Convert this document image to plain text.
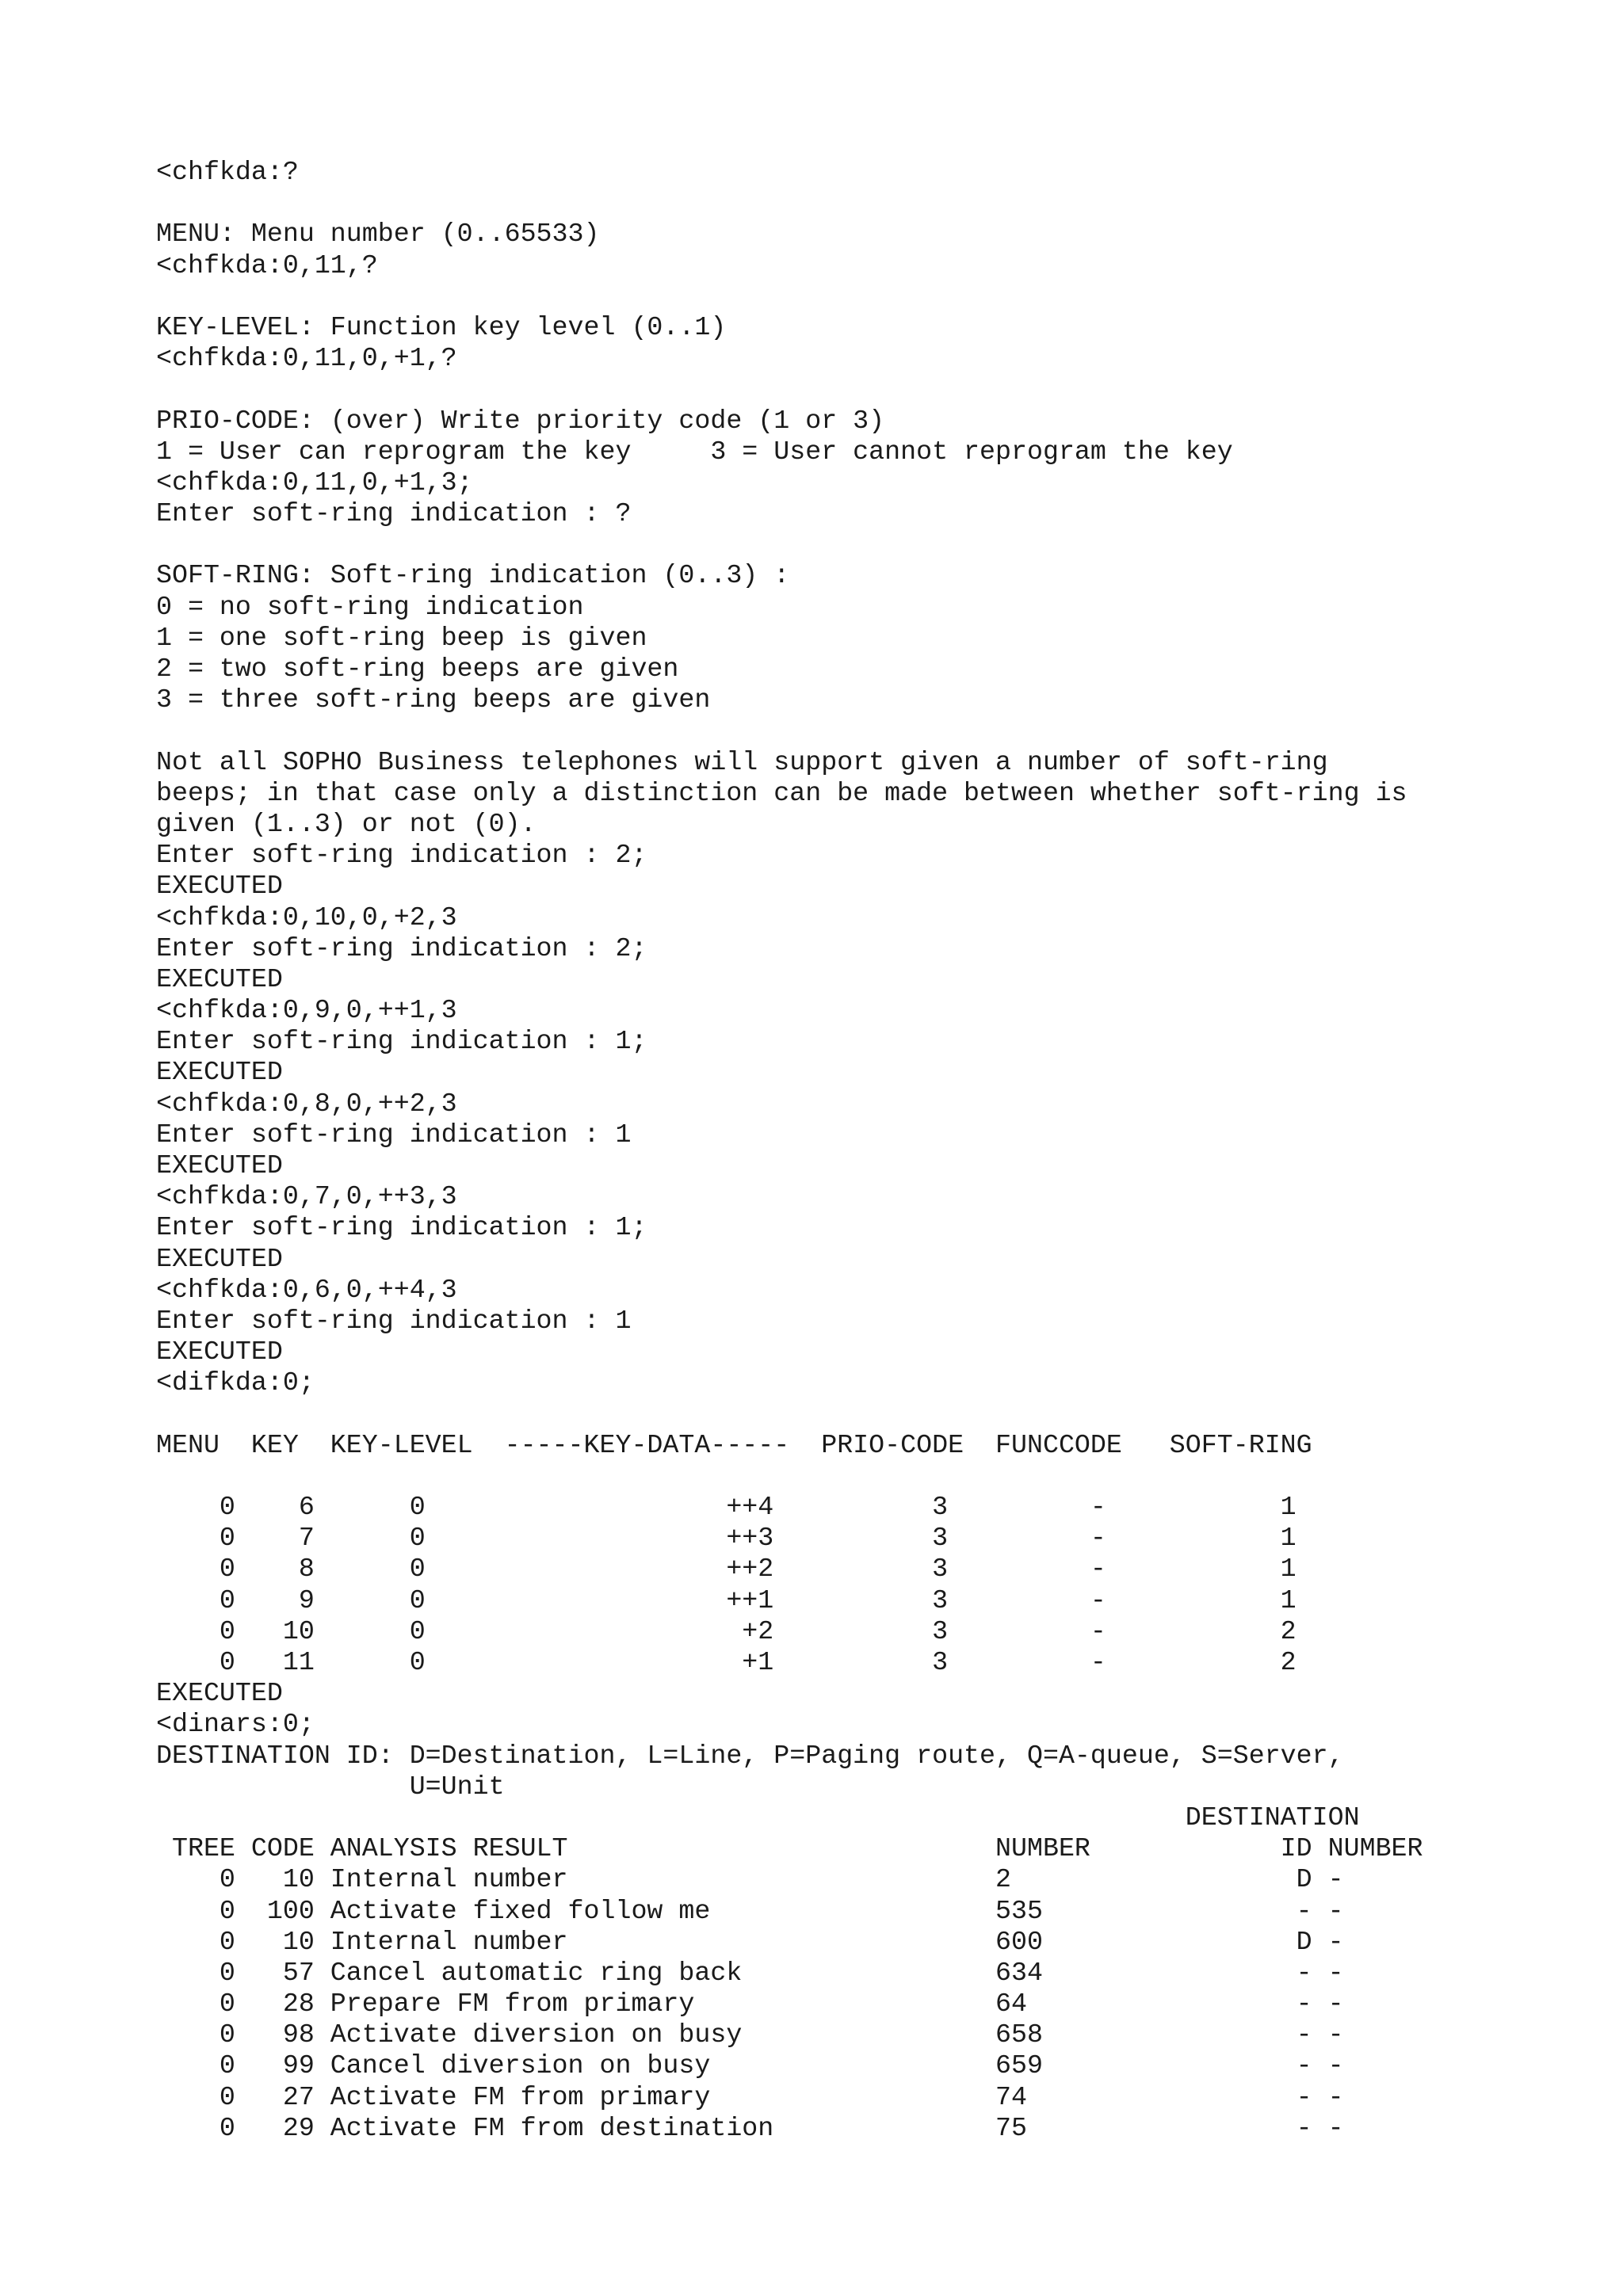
<chfkda:?
MENU: Menu number (0..65533)
<chfkda:0,11,?
KEY-LEVEL: Function key level (0..1)
<chfkda:0,11,0,+1,?
PRIO-CODE: (over) Write priority code (1 or 3)
1 = User can reprogram the key     3 = User cannot reprogram the key
<chfkda:0,11,0,+1,3;
Enter soft-ring indication : ?
SOFT-RING: Soft-ring indication (0..3) :
0 = no soft-ring indication
1 = one soft-ring beep is given
2 = two soft-ring beeps are given
3 = three soft-ring beeps are given
Not all SOPHO Business telephones will support given a number of soft-ring
beeps; in that case only a distinction can be made between whether soft-ring is
given (1..3) or not (0).
Enter soft-ring indication : 2;
EXECUTED
<chfkda:0,10,0,+2,3
Enter soft-ring indication : 2;
EXECUTED
<chfkda:0,9,0,++1,3
Enter soft-ring indication : 1;
EXECUTED
<chfkda:0,8,0,++2,3
Enter soft-ring indication : 1
EXECUTED
<chfkda:0,7,0,++3,3
Enter soft-ring indication : 1;
EXECUTED
<chfkda:0,6,0,++4,3
Enter soft-ring indication : 1
EXECUTED
<difkda:0;
MENU  KEY  KEY-LEVEL  -----KEY-DATA-----  PRIO-CODE  FUNCCODE   SOFT-RING
0    6      0                   ++4          3         -           1
0    7      0                   ++3          3         -           1
0    8      0                   ++2          3         -           1
0    9      0                   ++1          3         -           1
0   10      0                    +2          3         -           2
0   11      0                    +1          3         -           2
EXECUTED
<dinars:0;
DESTINATION ID: D=Destination, L=Line, P=Paging route, Q=A-queue, S=Server,
U=Unit
DESTINATION
TREE CODE ANALYSIS RESULT                           NUMBER            ID NUMBER
0   10 Internal number                           2                  D -
0  100 Activate fixed follow me                  535                - -
0   10 Internal number                           600                D -
0   57 Cancel automatic ring back                634                - -
0   28 Prepare FM from primary                   64                 - -
0   98 Activate diversion on busy                658                - -
0   99 Cancel diversion on busy                  659                - -
0   27 Activate FM from primary                  74                 - -
0   29 Activate FM from destination              75                 - -
